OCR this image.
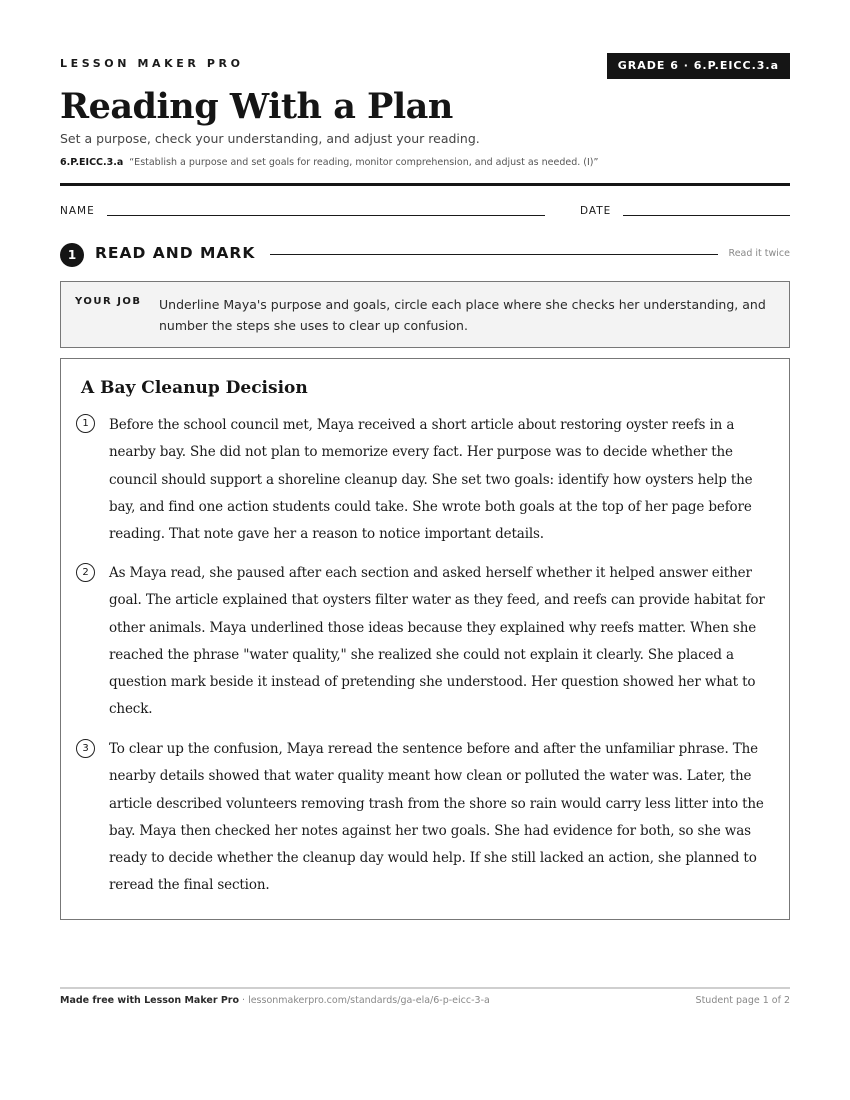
LESSON MAKER PRO	GRADE 6 · 6.P.EICC.3.a
Reading With a Plan
Set a purpose, check your understanding, and adjust your reading.
6.P.EICC.3.a “Establish a purpose and set goals for reading, monitor comprehension, and adjust as needed. (I)”
NAME	DATE
1	READ AND MARK	Read it twice
YOUR JOB Underline Maya's purpose and goals, circle each place where she checks her understanding, and number the steps she uses to clear up confusion.
A Bay Cleanup Decision
1	Before the school council met, Maya received a short article about restoring oyster reefs in a nearby bay. She did not plan to memorize every fact. Her purpose was to decide whether the council should support a shoreline cleanup day. She set two goals: identify how oysters help the bay, and find one action students could take. She wrote both goals at the top of her page before reading. That note gave her a reason to notice important details.

2	As Maya read, she paused after each section and asked herself whether it helped answer either goal. The article explained that oysters filter water as they feed, and reefs can provide habitat for other animals. Maya underlined those ideas because they explained why reefs matter. When she reached the phrase "water quality," she realized she could not explain it clearly. She placed a question mark beside it instead of pretending she understood. Her question showed her what to check.

3	To clear up the confusion, Maya reread the sentence before and after the unfamiliar phrase. The nearby details showed that water quality meant how clean or polluted the water was. Later, the article described volunteers removing trash from the shore so rain would carry less litter into the bay. Maya then checked her notes against her two goals. She had evidence for both, so she was ready to decide whether the cleanup day would help. If she still lacked an action, she planned to reread the final section.

Made free with Lesson Maker Pro · lessonmakerpro.com/standards/ga-ela/6-p-eicc-3-a	Student page 1 of 2
